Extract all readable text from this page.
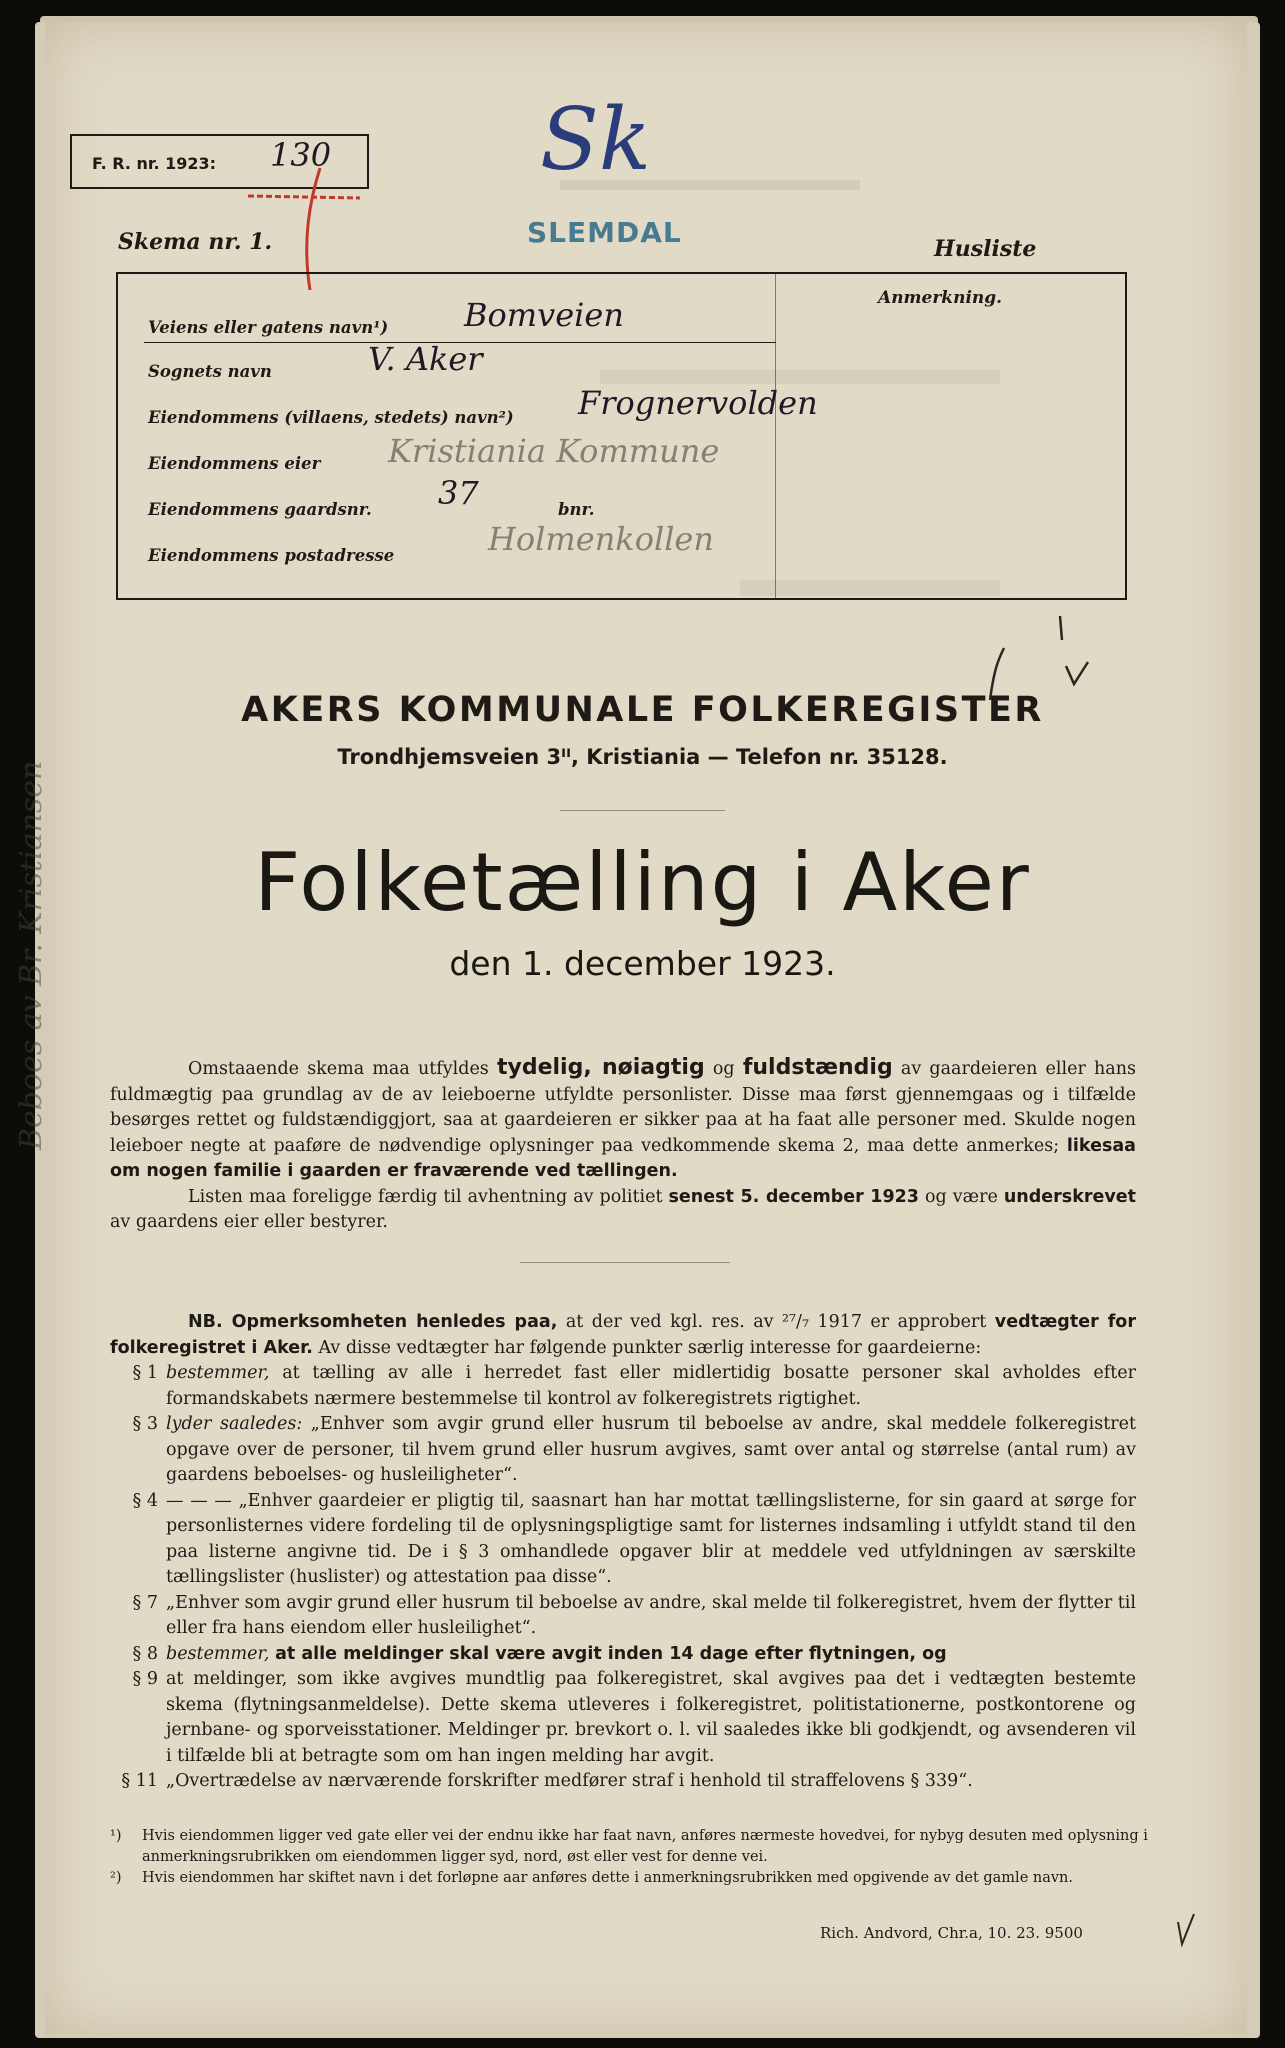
F. R. nr. 1923: 130 Sk
SLEMDAL
Skema nr. 1.	Husliste
Anmerkning.
Veiens eller gatens navn¹) Bomveien
Sognets navn	V. Aker
Eiendommens (villaens, stedets) navn²) Frognervolden
Eiendommens eier Kristiania Kommune
Eiendommens gaardsnr. 37	bnr.
Eiendommens postadresse	Holmenkollen
AKERS KOMMUNALE FOLKEREGISTER
Trondhjemsveien 3ᴵᴵ, Kristiania — Telefon nr. 35128.
Folketælling i Aker
den 1. december 1923.

Omstaaende skema maa utfyldes tydelig, nøiagtig og fuldstændig av gaardeieren eller hans fuldmægtig paa grundlag av de av leieboerne utfyldte personlister. Disse maa først gjennemgaas og i tilfælde besørges rettet og fuldstændiggjort, saa at gaardeieren er sikker paa at ha faat alle personer med. Skulde nogen leieboer negte at paaføre de nødvendige oplysninger paa vedkommende skema 2, maa dette anmerkes; likesaa om nogen familie i gaarden er fraværende ved tællingen.

Listen maa foreligge færdig til avhentning av politiet senest 5. december 1923 og være underskrevet av gaardens eier eller bestyrer.

NB. Opmerksomheten henledes paa, at der ved kgl. res. av ²⁷/₇ 1917 er approbert vedtægter for folkeregistret i Aker. Av disse vedtægter har følgende punkter særlig interesse for gaardeierne:

§ 1 bestemmer, at tælling av alle i herredet fast eller midlertidig bosatte personer skal avholdes efter formandskabets nærmere bestemmelse til kontrol av folkeregistrets rigtighet.
§ 3 lyder saaledes: „Enhver som avgir grund eller husrum til beboelse av andre, skal meddele folkeregistret opgave over de personer, til hvem grund eller husrum avgives, samt over antal og størrelse (antal rum) av gaardens beboelses- og husleiligheter“.
§ 4 — — — „Enhver gaardeier er pligtig til, saasnart han har mottat tællingslisterne, for sin gaard at sørge for personlisternes videre fordeling til de oplysningspligtige samt for listernes indsamling i utfyldt stand til den paa listerne angivne tid. De i § 3 omhandlede opgaver blir at meddele ved utfyldningen av særskilte tællingslister (huslister) og attestation paa disse“.
§ 7 „Enhver som avgir grund eller husrum til beboelse av andre, skal melde til folkeregistret, hvem der flytter til eller fra hans eiendom eller husleilighet“.
§ 8 bestemmer, at alle meldinger skal være avgit inden 14 dage efter flytningen, og
§ 9 at meldinger, som ikke avgives mundtlig paa folkeregistret, skal avgives paa det i vedtægten bestemte skema (flytningsanmeldelse). Dette skema utleveres i folkeregistret, politistationerne, postkontorene og jernbane- og sporveisstationer. Meldinger pr. brevkort o. l. vil saaledes ikke bli godkjendt, og avsenderen vil i tilfælde bli at betragte som om han ingen melding har avgit.
§ 11 „Overtrædelse av nærværende forskrifter medfører straf i henhold til straffelovens § 339“.
¹)	Hvis eiendommen ligger ved gate eller vei der endnu ikke har faat navn, anføres nærmeste hovedvei, for nybyg desuten med oplysning i anmerkningsrubrikken om eiendommen ligger syd, nord, øst eller vest for denne vei.
²)	Hvis eiendommen har skiftet navn i det forløpne aar anføres dette i anmerkningsrubrikken med opgivende av det gamle navn.
Rich. Andvord, Chr.a, 10. 23. 9500
Beboes av Br. Kristiansen
